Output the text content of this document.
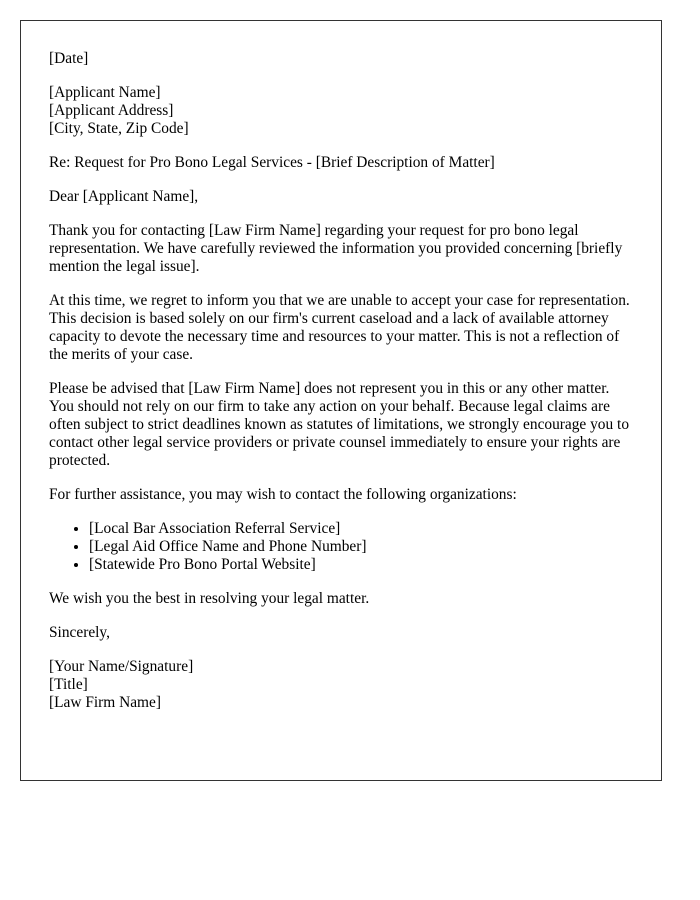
[Date]
[Applicant Name]
[Applicant Address]
[City, State, Zip Code]

Re: Request for Pro Bono Legal Services - [Brief Description of Matter]

Dear [Applicant Name],

Thank you for contacting [Law Firm Name] regarding your request for pro bono legal representation. We have carefully reviewed the information you provided concerning [briefly mention the legal issue].

At this time, we regret to inform you that we are unable to accept your case for representation. This decision is based solely on our firm's current caseload and a lack of available attorney capacity to devote the necessary time and resources to your matter. This is not a reflection of the merits of your case.

Please be advised that [Law Firm Name] does not represent you in this or any other matter. You should not rely on our firm to take any action on your behalf. Because legal claims are often subject to strict deadlines known as statutes of limitations, we strongly encourage you to contact other legal service providers or private counsel immediately to ensure your rights are protected.

For further assistance, you may wish to contact the following organizations:

• [Local Bar Association Referral Service]
• [Legal Aid Office Name and Phone Number]
• [Statewide Pro Bono Portal Website]

We wish you the best in resolving your legal matter.

Sincerely,

[Your Name/Signature]
[Title]
[Law Firm Name]
